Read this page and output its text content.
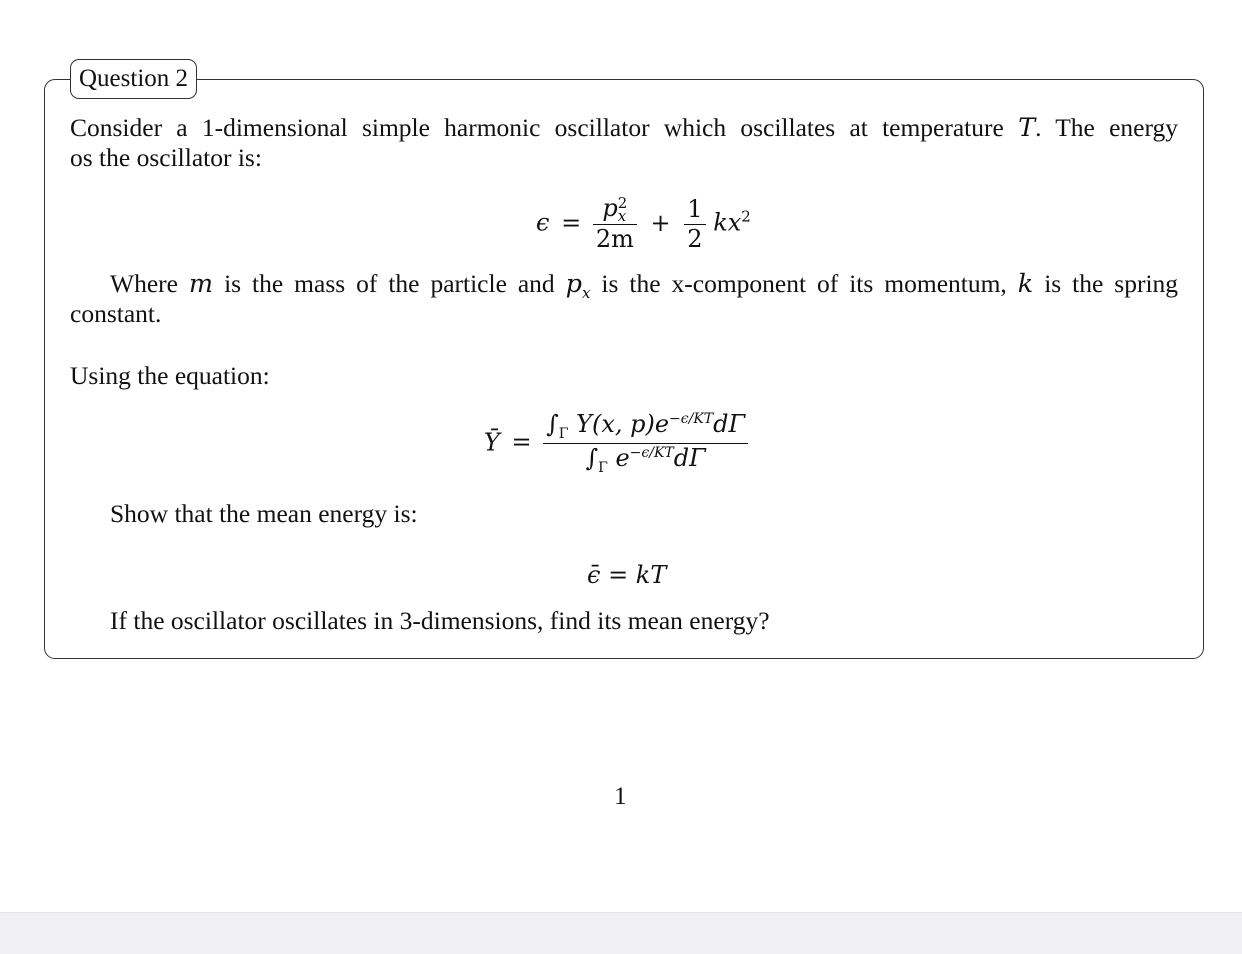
Question 2
Consider a 1-dimensional simple harmonic oscillator which oscillates at temperature T. The energy
os the oscillator is:
ϵ = p 2
x
$2m + \frac{1}{2} kx^2$
Where m is the mass of the particle and $p_x$ is the x-component of its momentum, k is the spring
constant.
Using the equation:
Ȳ = $\frac{\int_\Gamma Y(x, p)e^{-\epsilon/KT}d\Gamma}{\int_\Gamma e^{-\epsilon/KT}d\Gamma}$
Show that the mean energy is:
ϵ̄ = kT
If the oscillator oscillates in 3-dimensions, find its mean energy?
1
